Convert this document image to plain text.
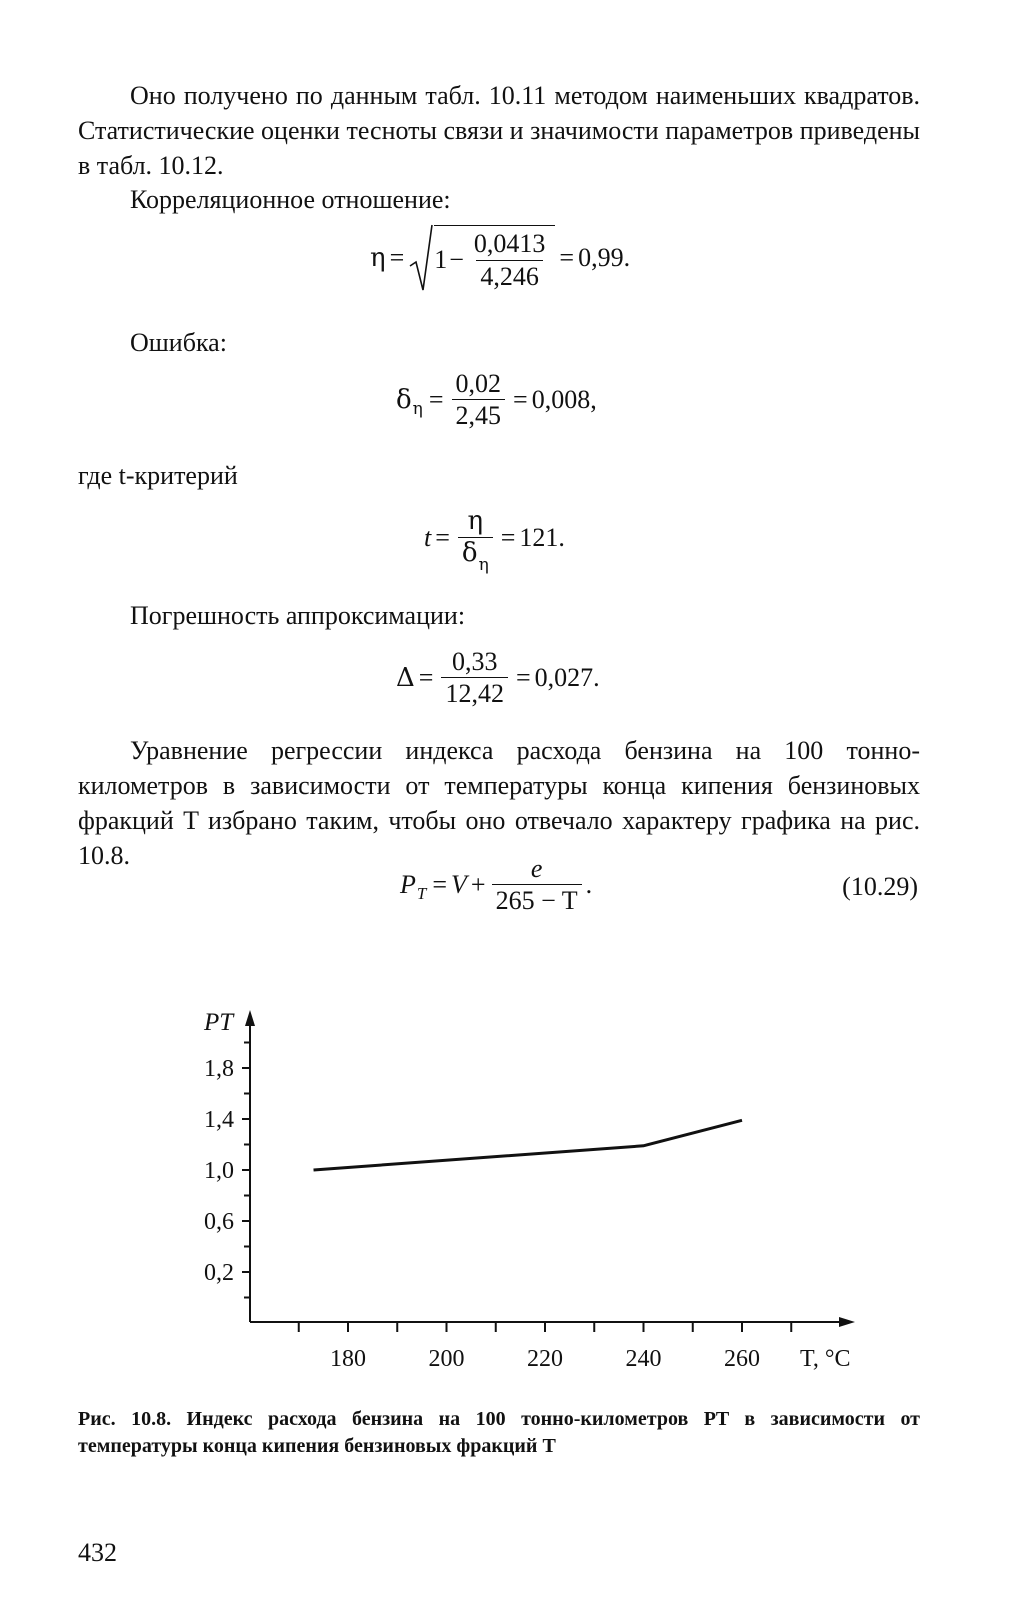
Оно получено по данным табл. 10.11 методом наименьших квадратов. Статистические оценки тесноты связи и значимости параметров приведены в табл. 10.12.

Корреляционное отношение:

$\eta = 1 - \frac{0,0413}{4,246} = 0,99$.

Ошибка:

δ $\eta = \frac{0,02}{2,45} = 0,008$,

где t-критерий

$t = \frac{\eta}{\delta_\eta} = 121$.

Погрешность аппроксимации:

$\Delta = \frac{0,33}{12,42} = 0,027$.

Уравнение регрессии индекса расхода бензина на 100 тонно-километров в зависимости от температуры конца кипения бензиновых фракций T избрано таким, чтобы оно отвечало характеру графика на рис. 10.8.

P $T = V + \frac{e}{265 - T}$ .	(10.29)
0,2
0,6
1,0
1,4
1,8
180	200	220	240	260
PT
T, °C

Рис. 10.8. Индекс расхода бензина на 100 тонно-километров PT в зависимости от температуры конца кипения бензиновых фракций T

432
